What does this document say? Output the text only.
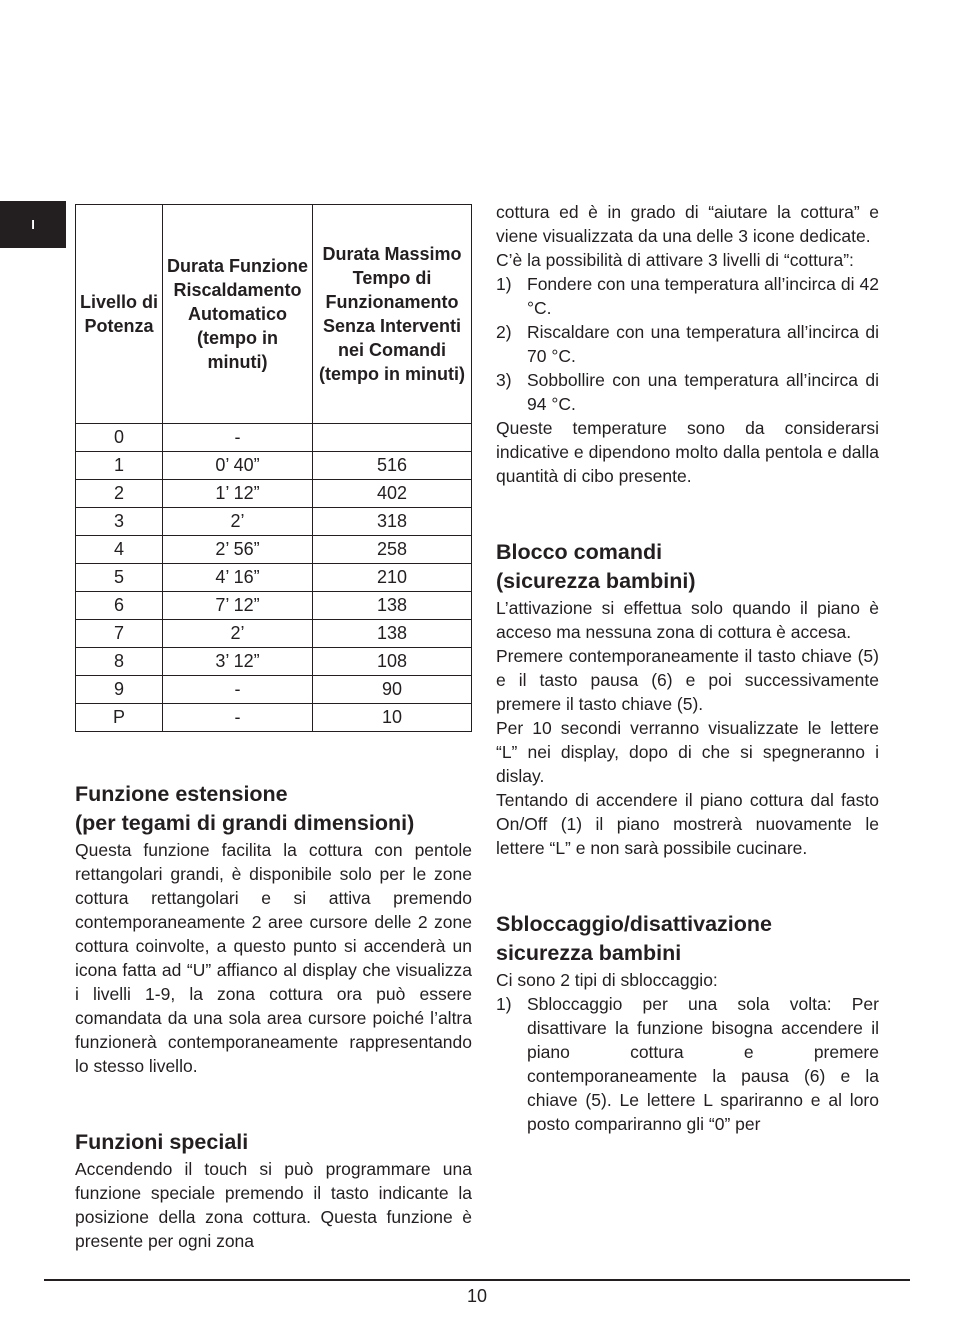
I
Livello di Potenza	Durata Funzione Riscaldamento Automatico (tempo in minuti)	Durata Massimo Tempo di Funzionamento Senza Interventi nei Comandi (tempo in minuti)
0	-	
1	0’ 40”	516
2	1’ 12”	402
3	2’	318
4	2’ 56”	258
5	4’ 16”	210
6	7’ 12”	138
7	2’	138
8	3’ 12”	108
9	-	90
P	-	10
Funzione estensione
(per tegami di grandi dimensioni)

Questa funzione facilita la cottura con pentole rettangolari grandi, è disponibile solo per le zone cottura rettangolari e si attiva premendo contemporaneamente 2 aree cursore delle 2 zone cottura coinvolte, a questo punto si accenderà un icona fatta ad “U” affianco al display che visualizza i livelli 1-9, la zona cottura ora può essere comandata da una sola area cursore poiché l’altra funzionerà contemporaneamente rappresentando lo stesso livello.

Funzioni speciali

Accendendo il touch si può programmare una funzione speciale premendo il tasto indicante la posizione della zona cottura. Questa funzione è presente per ogni zona

cottura ed è in grado di “aiutare la cottura” e viene visualizzata da una delle 3 icone dedicate.

C’è la possibilità di attivare 3 livelli di “cottura”:

1) Fondere con una temperatura all’incirca di 42 °C.
2) Riscaldare con una temperatura all’incirca di 70 °C.
3) Sobbollire con una temperatura all’incirca di 94 °C.

Queste temperature sono da considerarsi indicative e dipendono molto dalla pentola e dalla quantità di cibo presente.

Blocco comandi
(sicurezza bambini)

L’attivazione si effettua solo quando il piano è acceso ma nessuna zona di cottura è accesa.

Premere contemporaneamente il tasto chiave (5) e il tasto pausa (6) e poi successivamente premere il tasto chiave (5).

Per 10 secondi verranno visualizzate le lettere “L” nei display, dopo di che si spegneranno i dislay.

Tentando di accendere il piano cottura dal fasto On/Off (1) il piano mostrerà nuovamente le lettere “L” e non sarà possibile cucinare.

Sbloccaggio/disattivazione
sicurezza bambini

Ci sono 2 tipi di sbloccaggio:

1) Sbloccaggio per una sola volta: Per disattivare la funzione bisogna accendere il piano cottura e premere contemporaneamente la pausa (6) e la chiave (5). Le lettere L spariranno e al loro posto compariranno gli “0” per
10
